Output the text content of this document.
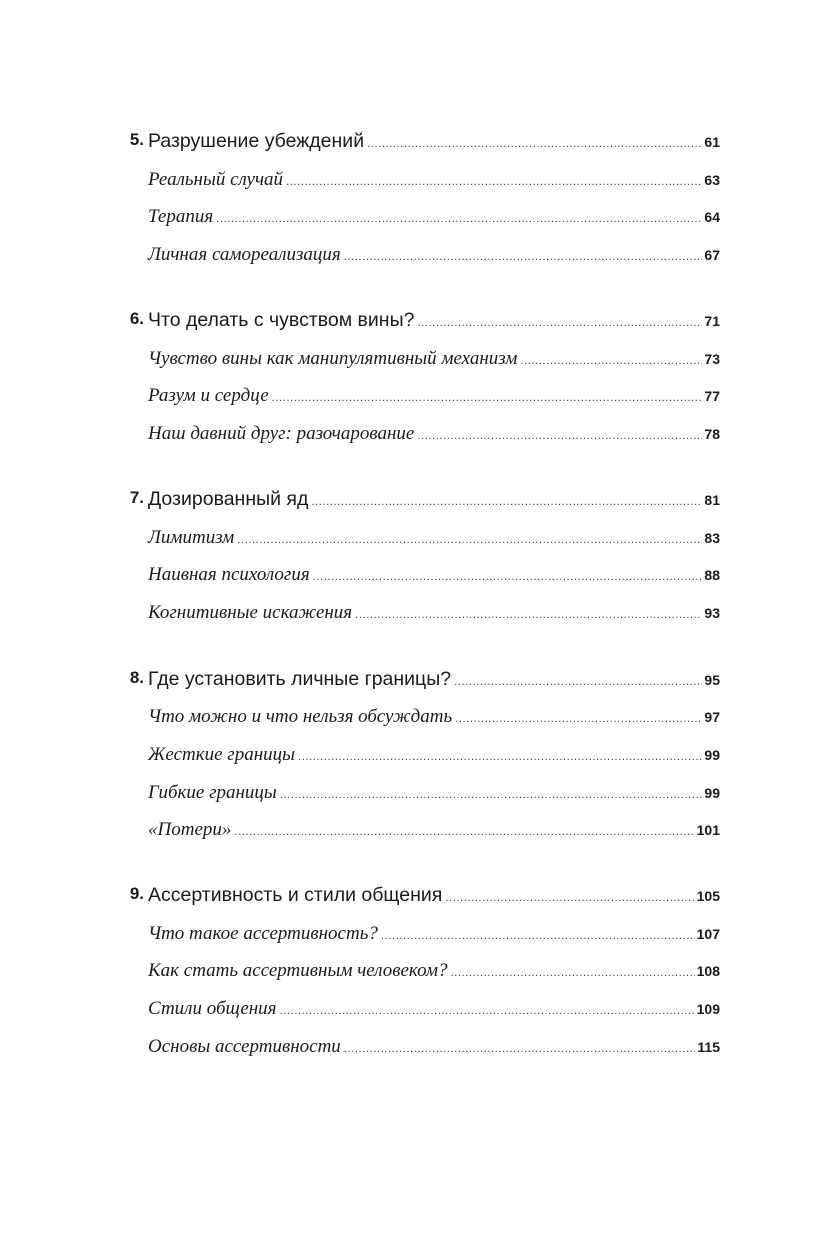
5. Разрушение убеждений .....	61
Реальный случай .....	63
Терапия .....	64
Личная самореализация .....	67
6. Что делать с чувством вины? .....	71
Чувство вины как манипулятивный механизм .....	73
Разум и сердце .....	77
Наш давний друг: разочарование .....	78
7. Дозированный яд .....	81
Лимитизм .....	83
Наивная психология .....	88
Когнитивные искажения .....	93
8. Где установить личные границы? .....	95
Что можно и что нельзя обсуждать .....	97
Жесткие границы .....	99
Гибкие границы .....	99
«Потери» .....	101
9. Ассертивность и стили общения .....	105
Что такое ассертивность? .....	107
Как стать ассертивным человеком? .....	108
Стили общения .....	109
Основы ассертивности .....	115
